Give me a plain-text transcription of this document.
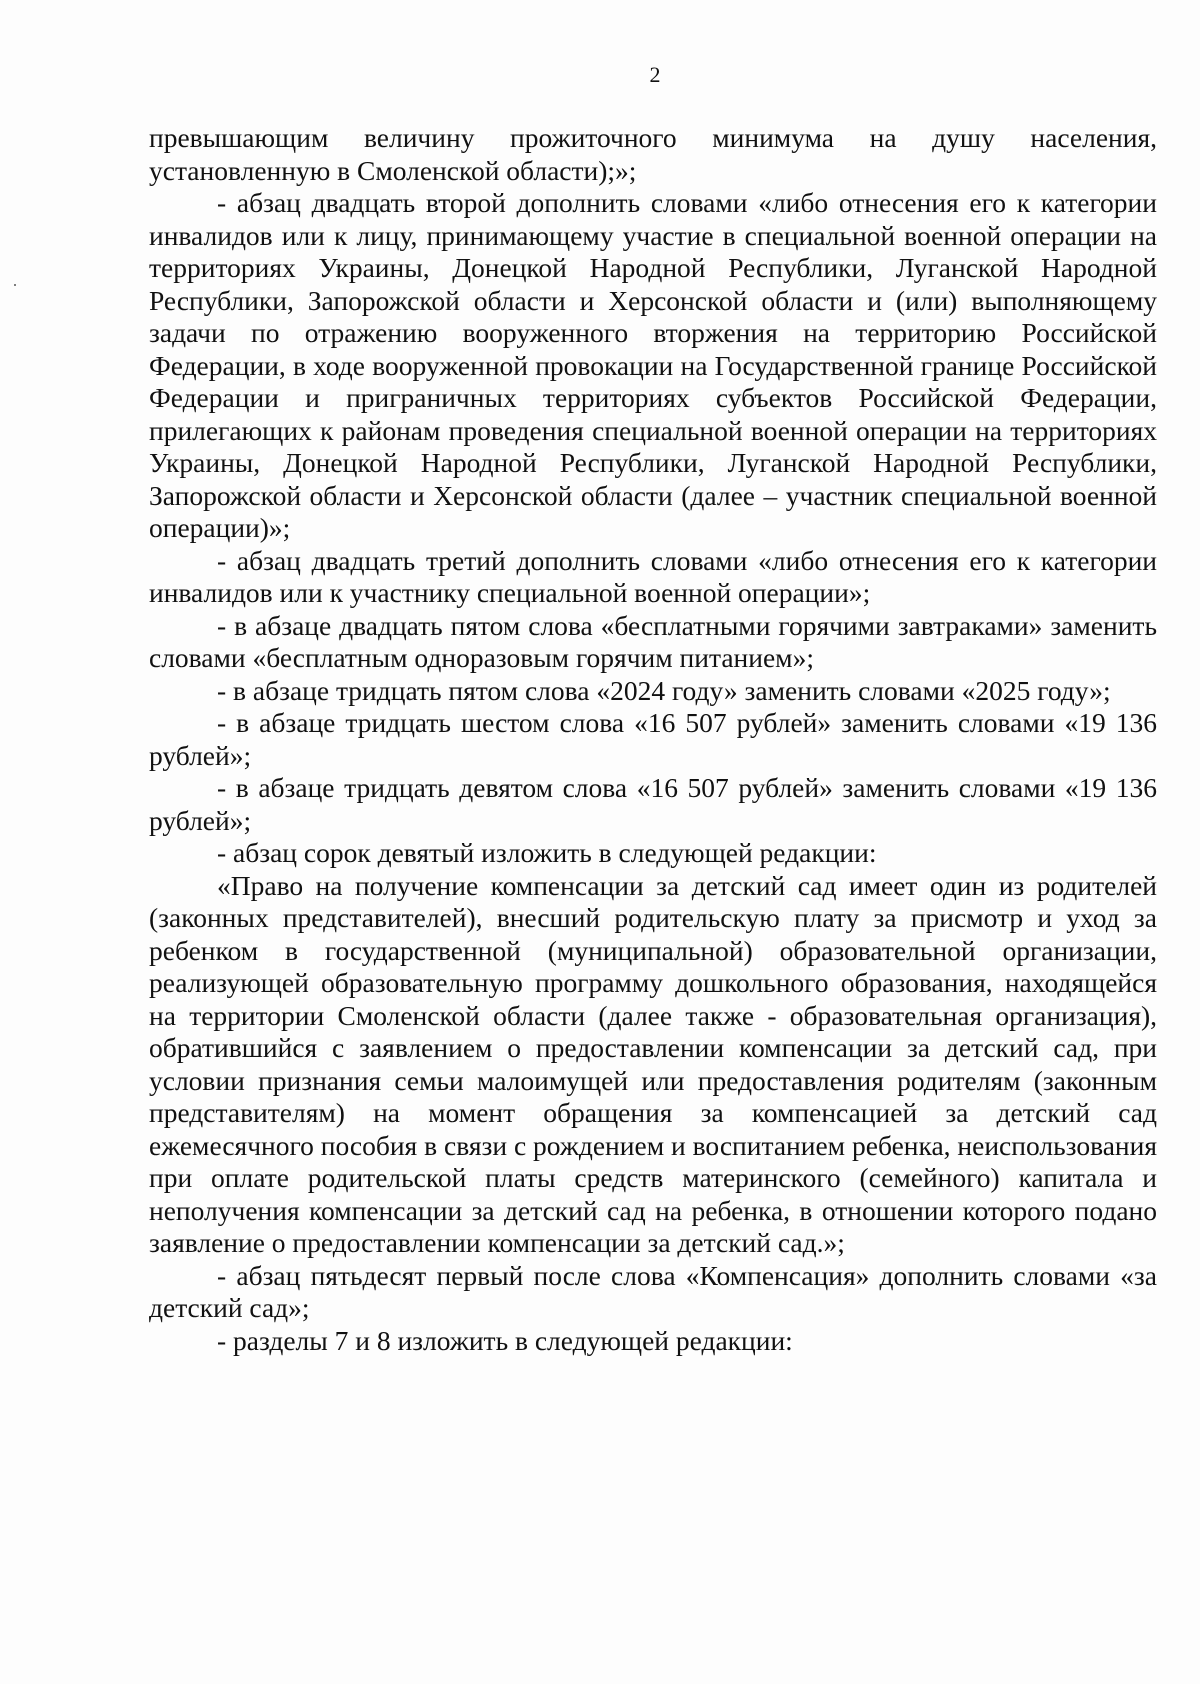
2

превышающим величину прожиточного минимума на душу населения, установленную в Смоленской области);»;

- абзац двадцать второй дополнить словами «либо отнесения его к категории инвалидов или к лицу, принимающему участие в специальной военной операции на территориях Украины, Донецкой Народной Республики, Луганской Народной Республики, Запорожской области и Херсонской области и (или) выполняющему задачи по отражению вооруженного вторжения на территорию Российской Федерации, в ходе вооруженной провокации на Государственной границе Российской Федерации и приграничных территориях субъектов Российской Федерации, прилегающих к районам проведения специальной военной операции на территориях Украины, Донецкой Народной Республики, Луганской Народной Республики, Запорожской области и Херсонской области (далее – участник специальной военной операции)»;

- абзац двадцать третий дополнить словами «либо отнесения его к категории инвалидов или к участнику специальной военной операции»;

- в абзаце двадцать пятом слова «бесплатными горячими завтраками» заменить словами «бесплатным одноразовым горячим питанием»;

- в абзаце тридцать пятом слова «2024 году» заменить словами «2025 году»;

- в абзаце тридцать шестом слова «16 507 рублей» заменить словами «19 136 рублей»;

- в абзаце тридцать девятом слова «16 507 рублей» заменить словами «19 136 рублей»;

- абзац сорок девятый изложить в следующей редакции:

«Право на получение компенсации за детский сад имеет один из родителей (законных представителей), внесший родительскую плату за присмотр и уход за ребенком в государственной (муниципальной) образовательной организации, реализующей образовательную программу дошкольного образования, находящейся на территории Смоленской области (далее также - образовательная организация), обратившийся с заявлением о предоставлении компенсации за детский сад, при условии признания семьи малоимущей или предоставления родителям (законным представителям) на момент обращения за компенсацией за детский сад ежемесячного пособия в связи с рождением и воспитанием ребенка, неиспользования при оплате родительской платы средств материнского (семейного) капитала и неполучения компенсации за детский сад на ребенка, в отношении которого подано заявление о предоставлении компенсации за детский сад.»;

- абзац пятьдесят первый после слова «Компенсация» дополнить словами «за детский сад»;

- разделы 7 и 8 изложить в следующей редакции:
